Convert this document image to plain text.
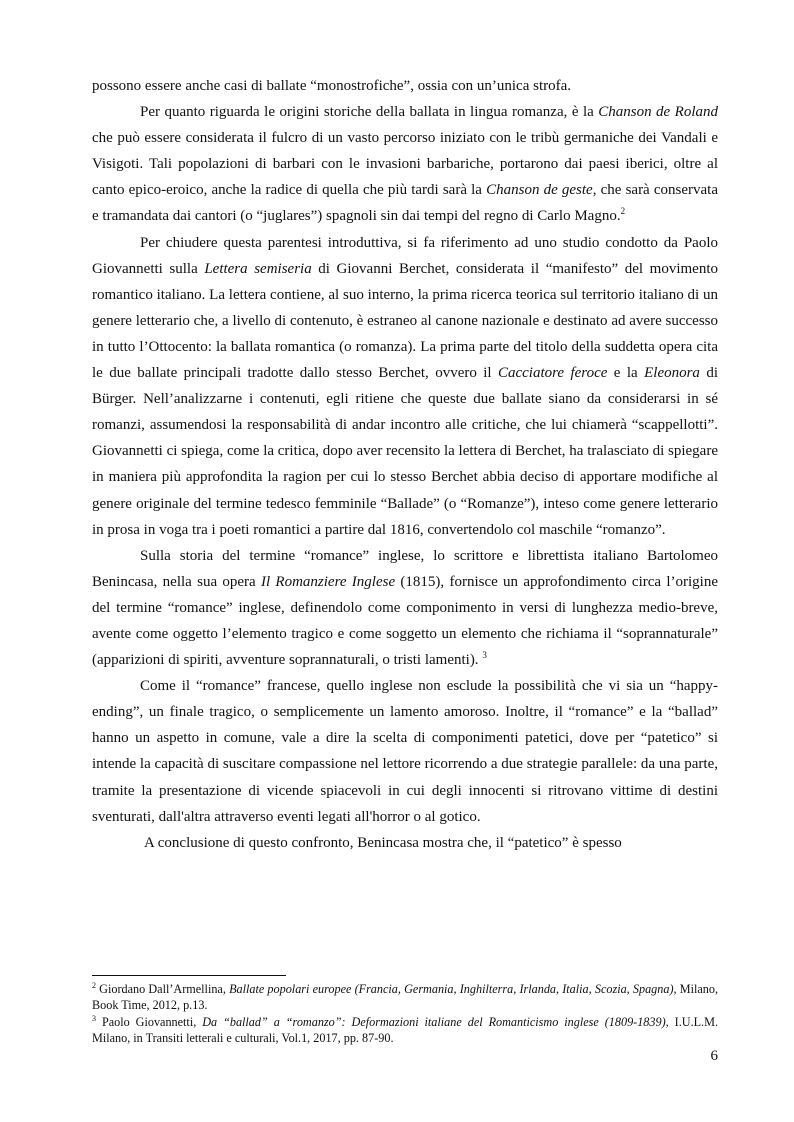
possono essere anche casi di ballate “monostrofiche”, ossia con un’unica strofa.

Per quanto riguarda le origini storiche della ballata in lingua romanza, è la Chanson de Roland che può essere considerata il fulcro di un vasto percorso iniziato con le tribù germaniche dei Vandali e Visigoti. Tali popolazioni di barbari con le invasioni barbariche, portarono dai paesi iberici, oltre al canto epico-eroico, anche la radice di quella che più tardi sarà la Chanson de geste, che sarà conservata e tramandata dai cantori (o “juglares”) spagnoli sin dai tempi del regno di Carlo Magno.$^2$

Per chiudere questa parentesi introduttiva, si fa riferimento ad uno studio condotto da Paolo Giovannetti sulla Lettera semiseria di Giovanni Berchet, considerata il “manifesto” del movimento romantico italiano. La lettera contiene, al suo interno, la prima ricerca teorica sul territorio italiano di un genere letterario che, a livello di contenuto, è estraneo al canone nazionale e destinato ad avere successo in tutto l’Ottocento: la ballata romantica (o romanza). La prima parte del titolo della suddetta opera cita le due ballate principali tradotte dallo stesso Berchet, ovvero il Cacciatore feroce e la Eleonora di Bürger. Nell’analizzarne i contenuti, egli ritiene che queste due ballate siano da considerarsi in sé romanzi, assumendosi la responsabilità di andar incontro alle critiche, che lui chiamerà “scappellotti”. Giovannetti ci spiega, come la critica, dopo aver recensito la lettera di Berchet, ha tralasciato di spiegare in maniera più approfondita la ragion per cui lo stesso Berchet abbia deciso di apportare modifiche al genere originale del termine tedesco femminile “Ballade” (o “Romanze”), inteso come genere letterario in prosa in voga tra i poeti romantici a partire dal 1816, convertendolo col maschile “romanzo”.

Sulla storia del termine “romance” inglese, lo scrittore e librettista italiano Bartolomeo Benincasa, nella sua opera Il Romanziere Inglese (1815), fornisce un approfondimento circa l’origine del termine “romance” inglese, definendolo come componimento in versi di lunghezza medio-breve, avente come oggetto l’elemento tragico e come soggetto un elemento che richiama il “soprannaturale” (apparizioni di spiriti, avventure soprannaturali, o tristi lamenti). $^3$

Come il “romance” francese, quello inglese non esclude la possibilità che vi sia un “happy-ending”, un finale tragico, o semplicemente un lamento amoroso. Inoltre, il “romance” e la “ballad” hanno un aspetto in comune, vale a dire la scelta di componimenti patetici, dove per “patetico” si intende la capacità di suscitare compassione nel lettore ricorrendo a due strategie parallele: da una parte, tramite la presentazione di vicende spiacevoli in cui degli innocenti si ritrovano vittime di destini sventurati, dall'altra attraverso eventi legati all'horror o al gotico.

A conclusione di questo confronto, Benincasa mostra che, il “patetico” è spesso

$^2$ Giordano Dall’Armellina, Ballate popolari europee (Francia, Germania, Inghilterra, Irlanda, Italia, Scozia, Spagna), Milano, Book Time, 2012, p.13.

$^3$ Paolo Giovannetti, Da “ballad” a “romanzo”: Deformazioni italiane del Romanticismo inglese (1809-1839), I.U.L.M. Milano, in Transiti letterali e culturali, Vol.1, 2017, pp. 87-90.

6
